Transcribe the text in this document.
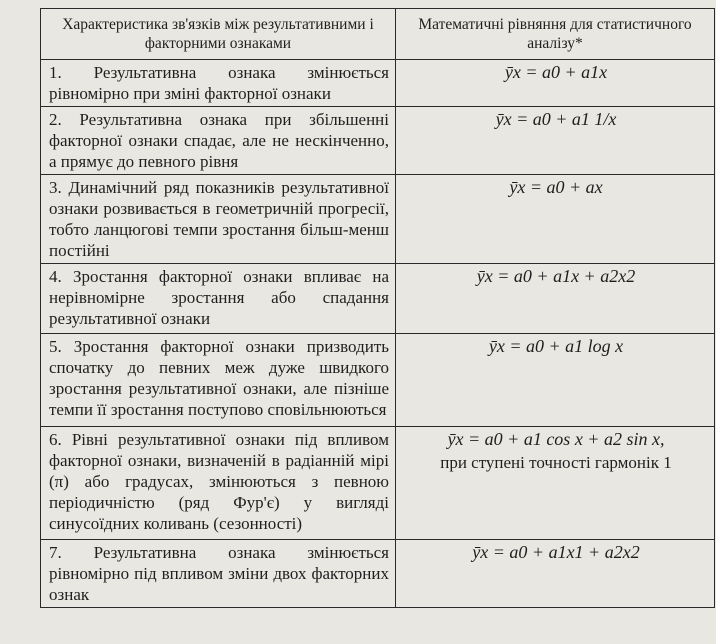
Характеристика зв'язків між результативними і факторними ознаками	Математичні рівняння для статистичного аналізу*
1. Результативна ознака змінюється рівномірно при зміні факторної ознаки	ȳx = a0 + a1x
2. Результативна ознака при збільшенні факторної ознаки спадає, але не нескінченно, а прямує до певного рівня	ȳx = a0 + a1 1/x
3. Динамічний ряд показників результативної ознаки розвивається в геометричній прогресії, тобто ланцюгові темпи зростання більш-менш постійні	ȳx = a0 + ax
4. Зростання факторної ознаки впливає на нерівномірне зростання або спадання результативної ознаки	ȳx = a0 + a1x + a2x2
5. Зростання факторної ознаки призводить спочатку до певних меж дуже швидкого зростання результативної ознаки, але пізніше темпи її зростання поступово сповільнюються	ȳx = a0 + a1 log x
6. Рівні результативної ознаки під впливом факторної ознаки, визначеній в радіанній мірі (π) або градусах, змінюються з певною періодичністю (ряд Фур'є) у вигляді синусоїдних коливань (сезонності)	ȳx = a0 + a1 cos x + a2 sin x,
при ступені точності гармонік 1

7. Результативна ознака змінюється рівномірно під впливом зміни двох факторних ознак	ȳx = a0 + a1x1 + a2x2
